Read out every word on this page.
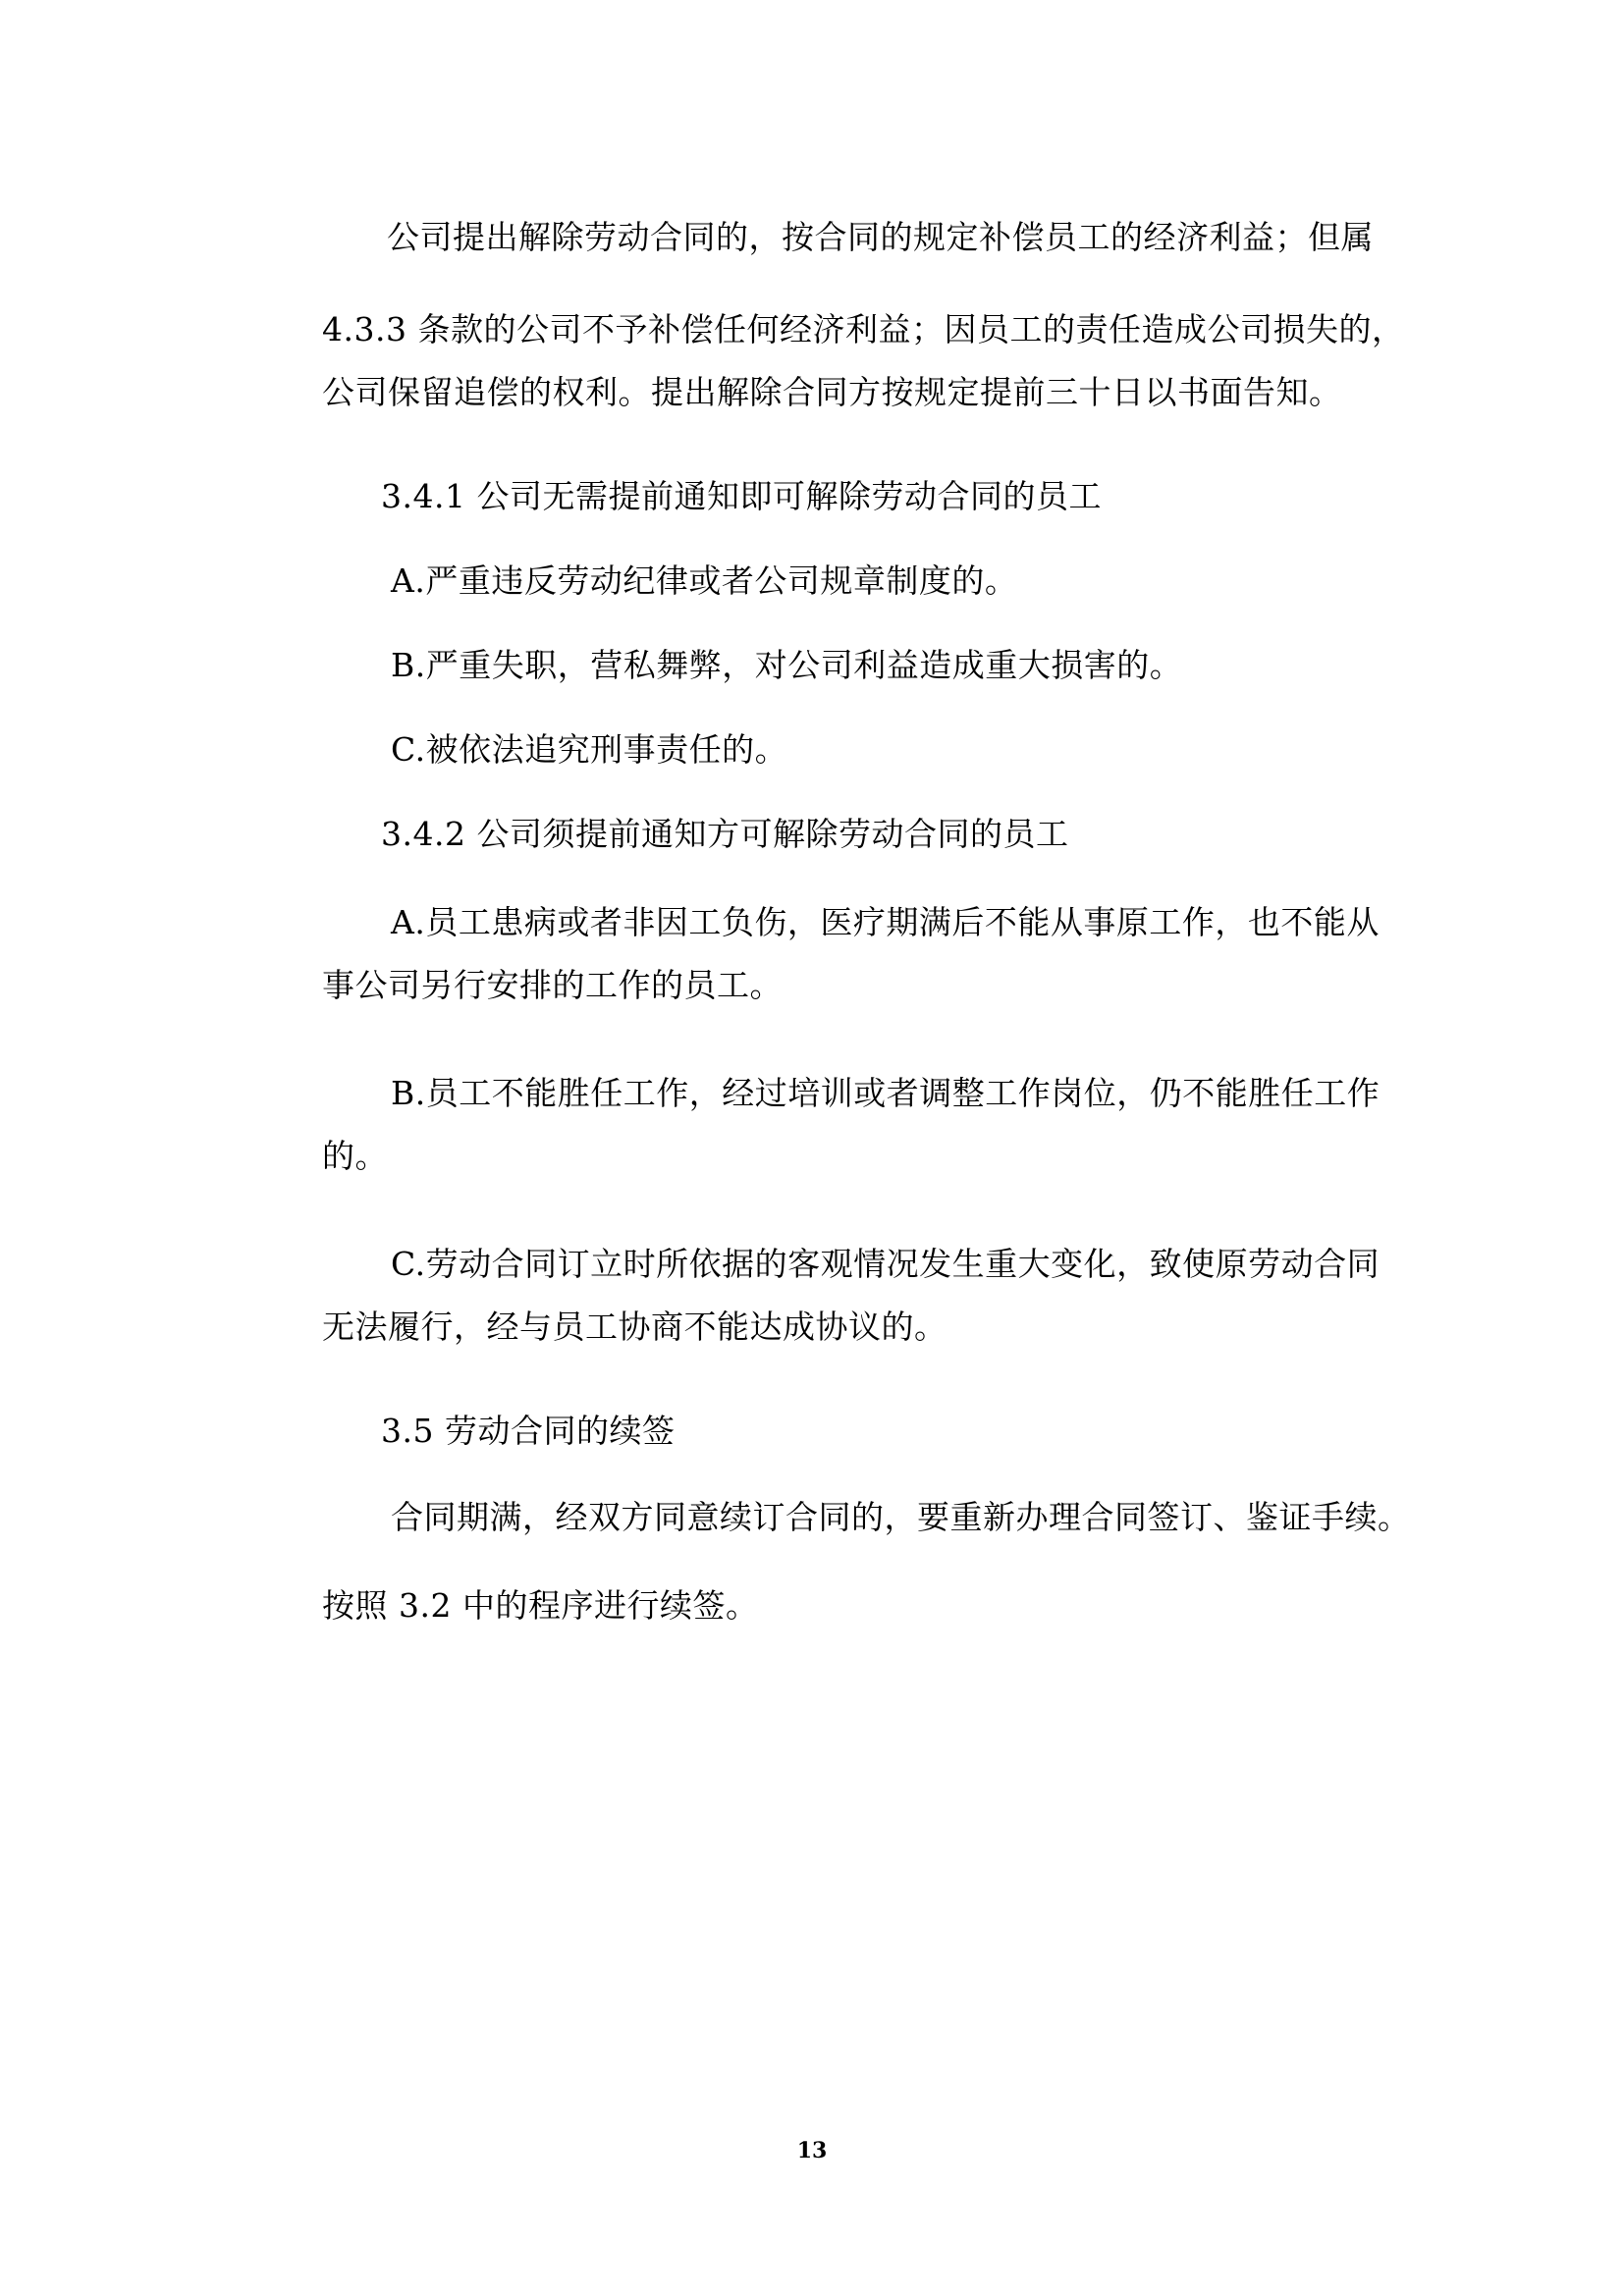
公司提出解除劳动合同的，按合同的规定补偿员工的经济利益；但属
4.3.3 条款的公司不予补偿任何经济利益；因员工的责任造成公司损失的，
公司保留追偿的权利。提出解除合同方按规定提前三十日以书面告知。
3.4.1 公司无需提前通知即可解除劳动合同的员工
A.严重违反劳动纪律或者公司规章制度的。
B.严重失职，营私舞弊，对公司利益造成重大损害的。
C.被依法追究刑事责任的。
3.4.2 公司须提前通知方可解除劳动合同的员工
A.员工患病或者非因工负伤，医疗期满后不能从事原工作，也不能从
事公司另行安排的工作的员工。
B.员工不能胜任工作，经过培训或者调整工作岗位，仍不能胜任工作
的。
C.劳动合同订立时所依据的客观情况发生重大变化，致使原劳动合同
无法履行，经与员工协商不能达成协议的。
3.5 劳动合同的续签
合同期满，经双方同意续订合同的，要重新办理合同签订、鉴证手续。
按照 3.2 中的程序进行续签。
13
